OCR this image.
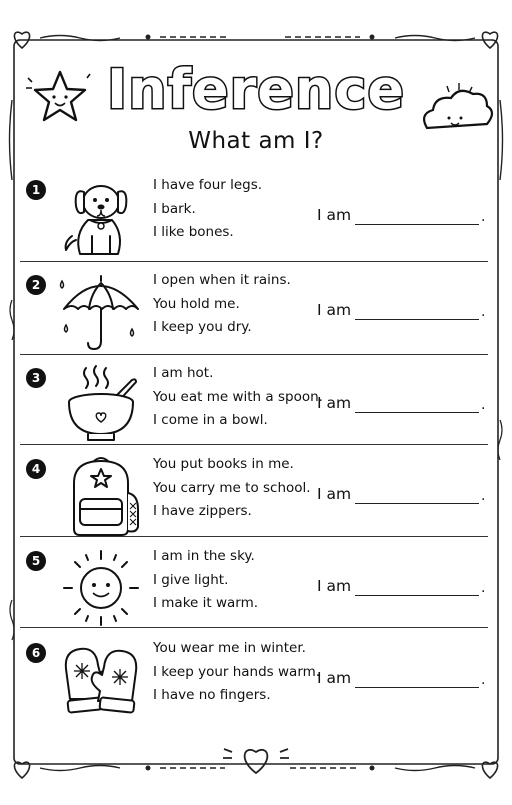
Inference
What am I?
1	I have four legs.
I bark.
I like bones.
I am	.
2	I open when it rains.
You hold me.
I keep you dry.
I am	.
3	I am hot.
You eat me with a spoon.
I come in a bowl.
I am	.
4	You put books in me.
You carry me to school.
I have zippers.
I am	.
5	I am in the sky.
I give light.
I make it warm.
I am	.
6	You wear me in winter.
I keep your hands warm.
I have no fingers.
I am	.
